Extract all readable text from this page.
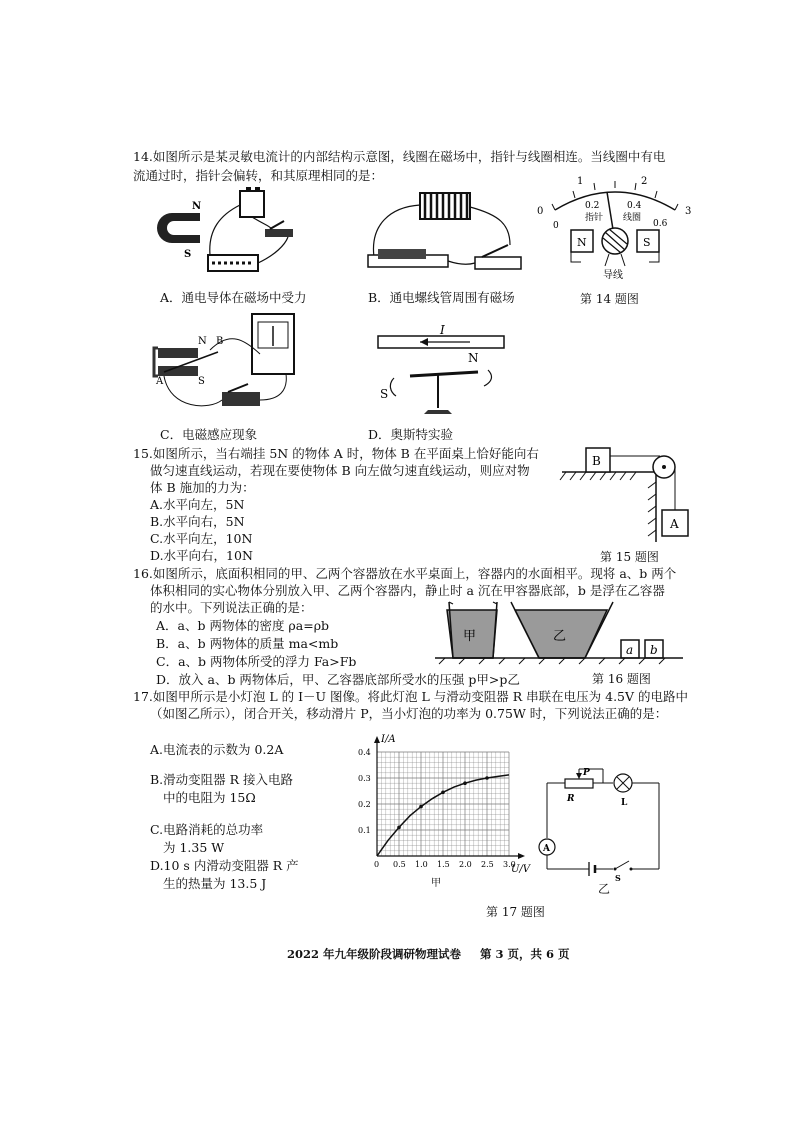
14.如图所示是某灵敏电流计的内部结构示意图，线圈在磁场中，指针与线圈相连。当线圈中有电
流通过时，指针会偏转，和其原理相同的是：
N
S
A．通电导体在磁场中受力	B．通电螺线管周围有磁场
0
1	2
3
0
0.2	0.4
0.6
指针 线圈
N	S
导线
第 14 题图
N B
A	S
C．电磁感应现象
I
N
S
D．奥斯特实验
15.如图所示，当右端挂 5N 的物体 A 时，物体 B 在平面桌上恰好能向右
做匀速直线运动，若现在要使物体 B 向左做匀速直线运动，则应对物
体 B 施加的力为：
A.水平向左，5N
B.水平向右，5N
C.水平向左，10N
D.水平向右，10N
B
A
第 15 题图
16.如图所示，底面积相同的甲、乙两个容器放在水平桌面上，容器内的水面相平。现将 a、b 两个
体积相同的实心物体分别放入甲、乙两个容器内，静止时 a 沉在甲容器底部，b 是浮在乙容器
的水中。下列说法正确的是：
A．a、b 两物体的密度 ρa=ρb
B．a、b 两物体的质量 ma<mb
C．a、b 两物体所受的浮力 Fa>Fb
D．放入 a、b 两物体后，甲、乙容器底部所受水的压强 p甲>p乙
甲	乙
a b
第 16 题图
17.如图甲所示是小灯泡 L 的 I－U 图像。将此灯泡 L 与滑动变阻器 R 串联在电压为 4.5V 的电路中
（如图乙所示），闭合开关，移动滑片 P，当小灯泡的功率为 0.75W 时，下列说法正确的是：
A.电流表的示数为 0.2A
B.滑动变阻器 R 接入电路
中的电阻为 15Ω
C.电路消耗的总功率
为 1.35 W
D.10 s 内滑动变阻器 R 产
生的热量为 13.5 J
I/A
U/V
0 0.5 1.0 1.5 2.0 2.5 3.0
0.1
0.2
0.3
0.4
甲
R
P
L
A
S
乙
第 17 题图
2022 年九年级阶段调研物理试卷 第 3 页，共 6 页
